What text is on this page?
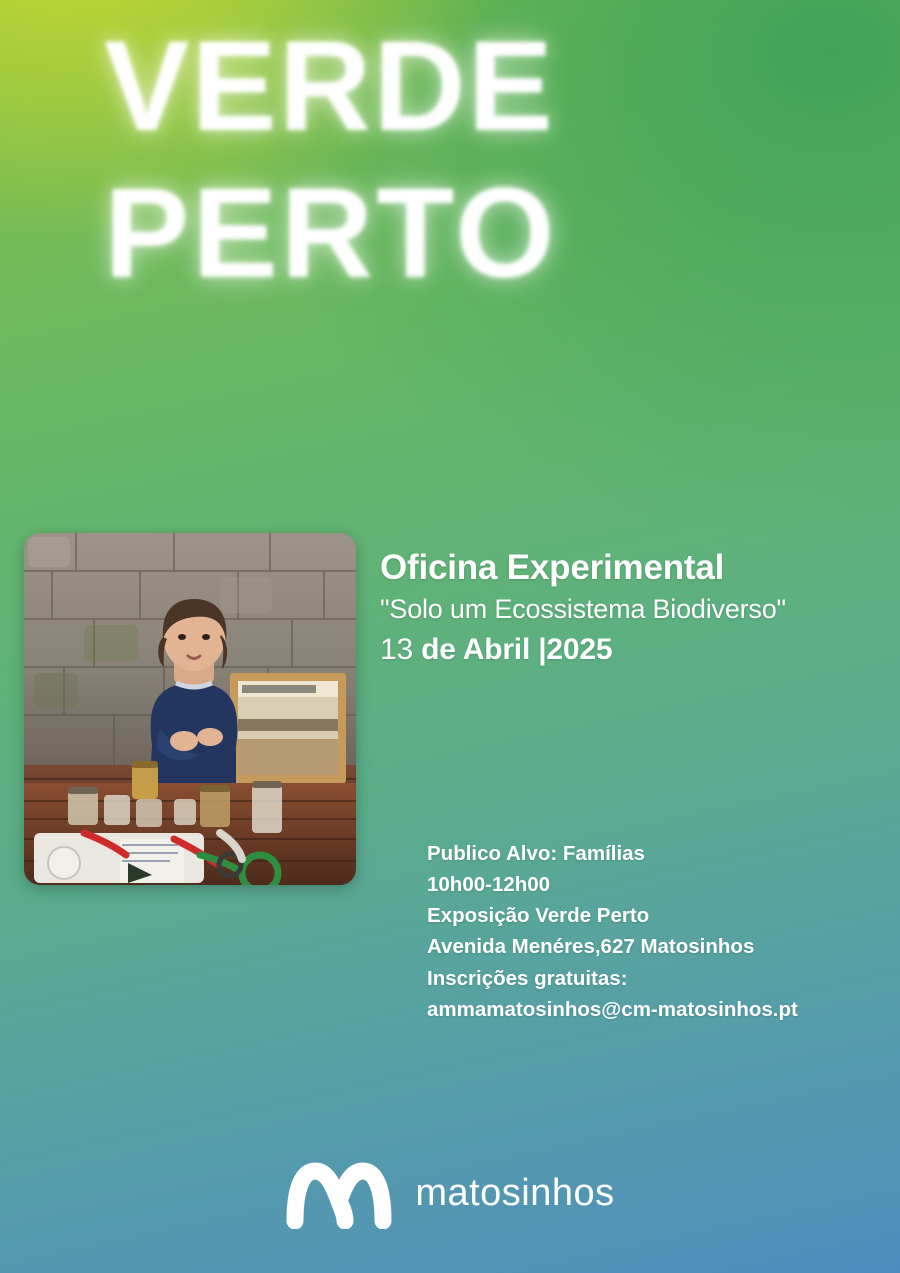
VERDE
PERTO
Oficina Experimental
"Solo um Ecossistema Biodiverso"
13 de Abril |2025
Publico Alvo: Famílias
10h00-12h00
Exposição Verde Perto
Avenida Menéres,627 Matosinhos
Inscrições gratuitas:
ammamatosinhos@cm-matosinhos.pt
matosinhos
